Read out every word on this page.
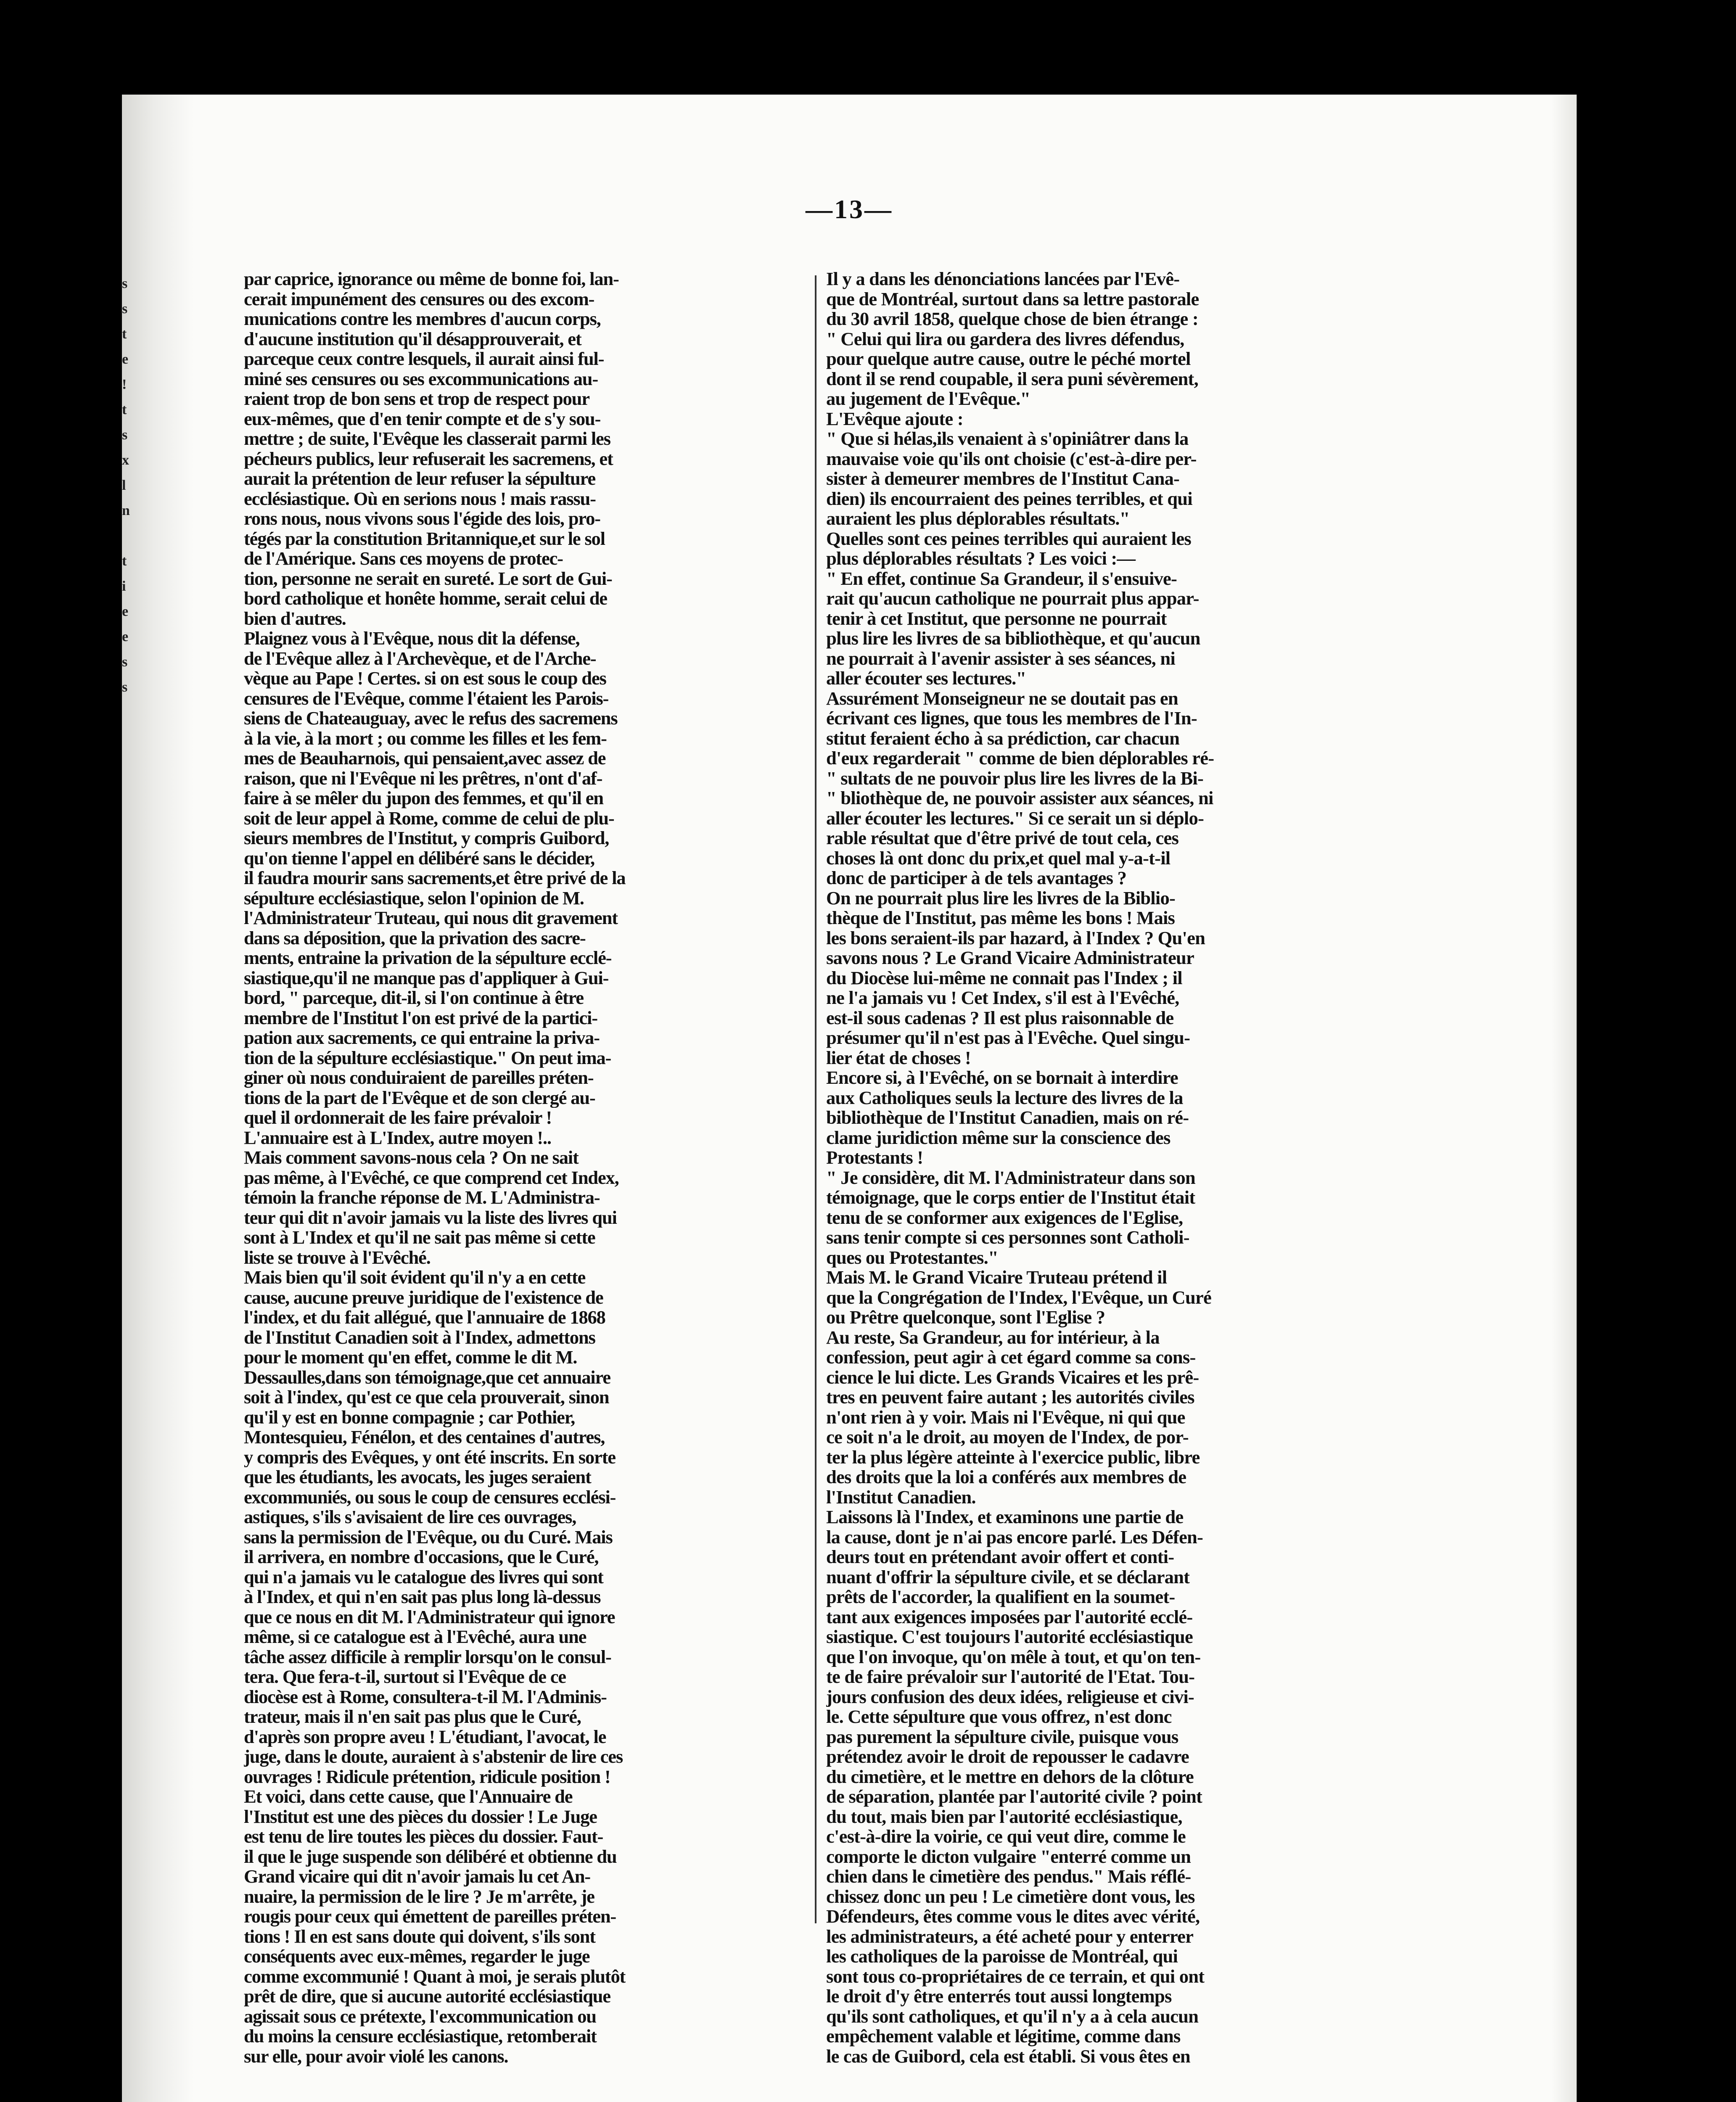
s
s
t
e
!
t
s
x
l
n
t
i
e
e
s
s
—13—
par caprice, ignorance ou même de bonne foi, lan-
cerait impunément des censures ou des excom-
munications contre les membres d'aucun corps,
d'aucune institution qu'il désapprouverait, et
parceque ceux contre lesquels, il aurait ainsi ful-
miné ses censures ou ses excommunications au-
raient trop de bon sens et trop de respect pour
eux-mêmes, que d'en tenir compte et de s'y sou-
mettre ; de suite, l'Evêque les classerait parmi les
pécheurs publics, leur refuserait les sacremens, et
aurait la prétention de leur refuser la sépulture
ecclésiastique. Où en serions nous ! mais rassu-
rons nous, nous vivons sous l'égide des lois, pro-
tégés par la constitution Britannique,et sur le sol
de l'Amérique. Sans ces moyens de protec-
tion, personne ne serait en sureté. Le sort de Gui-
bord catholique et honête homme, serait celui de
bien d'autres.
Plaignez vous à l'Evêque, nous dit la défense,
de l'Evêque allez à l'Archevèque, et de l'Arche-
vèque au Pape ! Certes. si on est sous le coup des
censures de l'Evêque, comme l'étaient les Parois-
siens de Chateauguay, avec le refus des sacremens
à la vie, à la mort ; ou comme les filles et les fem-
mes de Beauharnois, qui pensaient,avec assez de
raison, que ni l'Evêque ni les prêtres, n'ont d'af-
faire à se mêler du jupon des femmes, et qu'il en
soit de leur appel à Rome, comme de celui de plu-
sieurs membres de l'Institut, y compris Guibord,
qu'on tienne l'appel en délibéré sans le décider,
il faudra mourir sans sacrements,et être privé de la
sépulture ecclésiastique, selon l'opinion de M.
l'Administrateur Truteau, qui nous dit gravement
dans sa déposition, que la privation des sacre-
ments, entraine la privation de la sépulture ecclé-
siastique,qu'il ne manque pas d'appliquer à Gui-
bord, " parceque, dit-il, si l'on continue à être
membre de l'Institut l'on est privé de la partici-
pation aux sacrements, ce qui entraine la priva-
tion de la sépulture ecclésiastique." On peut ima-
giner où nous conduiraient de pareilles préten-
tions de la part de l'Evêque et de son clergé au-
quel il ordonnerait de les faire prévaloir !
L'annuaire est à L'Index, autre moyen !..
Mais comment savons-nous cela ? On ne sait
pas même, à l'Evêché, ce que comprend cet Index,
témoin la franche réponse de M. L'Administra-
teur qui dit n'avoir jamais vu la liste des livres qui
sont à L'Index et qu'il ne sait pas même si cette
liste se trouve à l'Evêché.
Mais bien qu'il soit évident qu'il n'y a en cette
cause, aucune preuve juridique de l'existence de
l'index, et du fait allégué, que l'annuaire de 1868
de l'Institut Canadien soit à l'Index, admettons
pour le moment qu'en effet, comme le dit M.
Dessaulles,dans son témoignage,que cet annuaire
soit à l'index, qu'est ce que cela prouverait, sinon
qu'il y est en bonne compagnie ; car Pothier,
Montesquieu, Fénélon, et des centaines d'autres,
y compris des Evêques, y ont été inscrits. En sorte
que les étudiants, les avocats, les juges seraient
excommuniés, ou sous le coup de censures ecclési-
astiques, s'ils s'avisaient de lire ces ouvrages,
sans la permission de l'Evêque, ou du Curé. Mais
il arrivera, en nombre d'occasions, que le Curé,
qui n'a jamais vu le catalogue des livres qui sont
à l'Index, et qui n'en sait pas plus long là-dessus
que ce nous en dit M. l'Administrateur qui ignore
même, si ce catalogue est à l'Evêché, aura une
tâche assez difficile à remplir lorsqu'on le consul-
tera. Que fera-t-il, surtout si l'Evêque de ce
diocèse est à Rome, consultera-t-il M. l'Adminis-
trateur, mais il n'en sait pas plus que le Curé,
d'après son propre aveu ! L'étudiant, l'avocat, le
juge, dans le doute, auraient à s'abstenir de lire ces
ouvrages ! Ridicule prétention, ridicule position !
Et voici, dans cette cause, que l'Annuaire de
l'Institut est une des pièces du dossier ! Le Juge
est tenu de lire toutes les pièces du dossier. Faut-
il que le juge suspende son délibéré et obtienne du
Grand vicaire qui dit n'avoir jamais lu cet An-
nuaire, la permission de le lire ? Je m'arrête, je
rougis pour ceux qui émettent de pareilles préten-
tions ! Il en est sans doute qui doivent, s'ils sont
conséquents avec eux-mêmes, regarder le juge
comme excommunié ! Quant à moi, je serais plutôt
prêt de dire, que si aucune autorité ecclésiastique
agissait sous ce prétexte, l'excommunication ou
du moins la censure ecclésiastique, retomberait
sur elle, pour avoir violé les canons.
Il y a dans les dénonciations lancées par l'Evê-
que de Montréal, surtout dans sa lettre pastorale
du 30 avril 1858, quelque chose de bien étrange :
" Celui qui lira ou gardera des livres défendus,
pour quelque autre cause, outre le péché mortel
dont il se rend coupable, il sera puni sévèrement,
au jugement de l'Evêque."
L'Evêque ajoute :
" Que si hélas,ils venaient à s'opiniâtrer dans la
mauvaise voie qu'ils ont choisie (c'est-à-dire per-
sister à demeurer membres de l'Institut Cana-
dien) ils encourraient des peines terribles, et qui
auraient les plus déplorables résultats."
Quelles sont ces peines terribles qui auraient les
plus déplorables résultats ? Les voici :—
" En effet, continue Sa Grandeur, il s'ensuive-
rait qu'aucun catholique ne pourrait plus appar-
tenir à cet Institut, que personne ne pourrait
plus lire les livres de sa bibliothèque, et qu'aucun
ne pourrait à l'avenir assister à ses séances, ni
aller écouter ses lectures."
Assurément Monseigneur ne se doutait pas en
écrivant ces lignes, que tous les membres de l'In-
stitut feraient écho à sa prédiction, car chacun
d'eux regarderait " comme de bien déplorables ré-
" sultats de ne pouvoir plus lire les livres de la Bi-
" bliothèque de, ne pouvoir assister aux séances, ni
aller écouter les lectures." Si ce serait un si déplo-
rable résultat que d'être privé de tout cela, ces
choses là ont donc du prix,et quel mal y-a-t-il
donc de participer à de tels avantages ?
On ne pourrait plus lire les livres de la Biblio-
thèque de l'Institut, pas même les bons ! Mais
les bons seraient-ils par hazard, à l'Index ? Qu'en
savons nous ? Le Grand Vicaire Administrateur
du Diocèse lui-même ne connait pas l'Index ; il
ne l'a jamais vu ! Cet Index, s'il est à l'Evêché,
est-il sous cadenas ? Il est plus raisonnable de
présumer qu'il n'est pas à l'Evêche. Quel singu-
lier état de choses !
Encore si, à l'Evêché, on se bornait à interdire
aux Catholiques seuls la lecture des livres de la
bibliothèque de l'Institut Canadien, mais on ré-
clame juridiction même sur la conscience des
Protestants !
" Je considère, dit M. l'Administrateur dans son
témoignage, que le corps entier de l'Institut était
tenu de se conformer aux exigences de l'Eglise,
sans tenir compte si ces personnes sont Catholi-
ques ou Protestantes."
Mais M. le Grand Vicaire Truteau prétend il
que la Congrégation de l'Index, l'Evêque, un Curé
ou Prêtre quelconque, sont l'Eglise ?
Au reste, Sa Grandeur, au for intérieur, à la
confession, peut agir à cet égard comme sa cons-
cience le lui dicte. Les Grands Vicaires et les prê-
tres en peuvent faire autant ; les autorités civiles
n'ont rien à y voir. Mais ni l'Evêque, ni qui que
ce soit n'a le droit, au moyen de l'Index, de por-
ter la plus légère atteinte à l'exercice public, libre
des droits que la loi a conférés aux membres de
l'Institut Canadien.
Laissons là l'Index, et examinons une partie de
la cause, dont je n'ai pas encore parlé. Les Défen-
deurs tout en prétendant avoir offert et conti-
nuant d'offrir la sépulture civile, et se déclarant
prêts de l'accorder, la qualifient en la soumet-
tant aux exigences imposées par l'autorité ecclé-
siastique. C'est toujours l'autorité ecclésiastique
que l'on invoque, qu'on mêle à tout, et qu'on ten-
te de faire prévaloir sur l'autorité de l'Etat. Tou-
jours confusion des deux idées, religieuse et civi-
le. Cette sépulture que vous offrez, n'est donc
pas purement la sépulture civile, puisque vous
prétendez avoir le droit de repousser le cadavre
du cimetière, et le mettre en dehors de la clôture
de séparation, plantée par l'autorité civile ? point
du tout, mais bien par l'autorité ecclésiastique,
c'est-à-dire la voirie, ce qui veut dire, comme le
comporte le dicton vulgaire "enterré comme un
chien dans le cimetière des pendus." Mais réflé-
chissez donc un peu ! Le cimetière dont vous, les
Défendeurs, êtes comme vous le dites avec vérité,
les administrateurs, a été acheté pour y enterrer
les catholiques de la paroisse de Montréal, qui
sont tous co-propriétaires de ce terrain, et qui ont
le droit d'y être enterrés tout aussi longtemps
qu'ils sont catholiques, et qu'il n'y a à cela aucun
empêchement valable et légitime, comme dans
le cas de Guibord, cela est établi. Si vous êtes en
